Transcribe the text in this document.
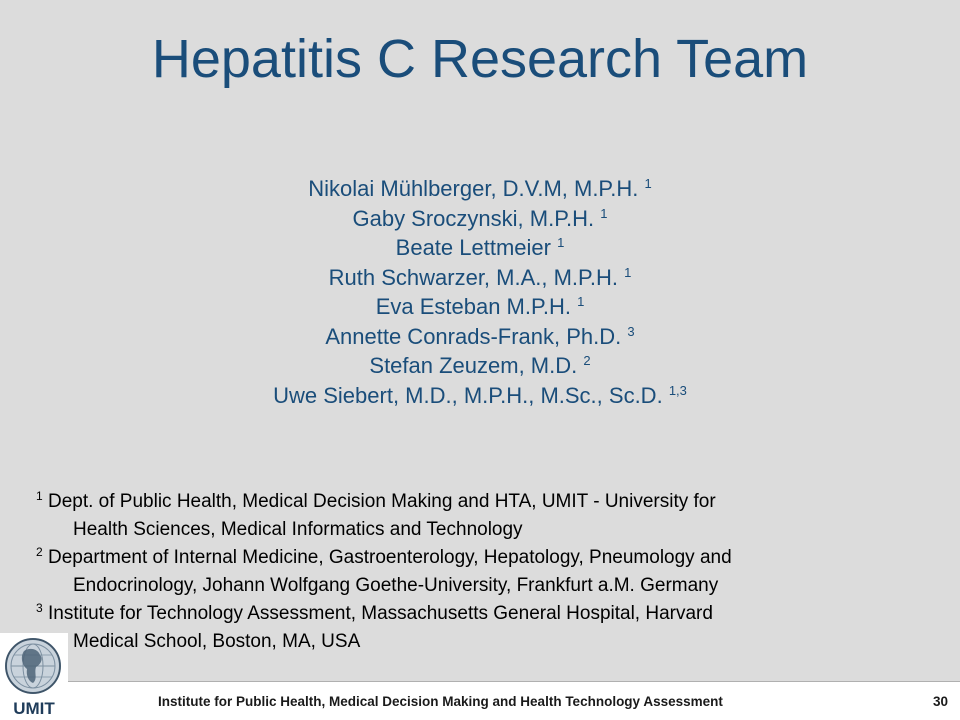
Hepatitis C Research Team
Nikolai Mühlberger, D.V.M, M.P.H. $^1$
Gaby Sroczynski, M.P.H. $^1$
Beate Lettmeier $^1$
Ruth Schwarzer, M.A., M.P.H. $^1$
Eva Esteban M.P.H. $^1$
Annette Conrads-Frank, Ph.D. $^3$
Stefan Zeuzem, M.D. $^2$
Uwe Siebert, M.D., M.P.H., M.Sc., Sc.D. $^{1,3}$
$^1$ Dept. of Public Health, Medical Decision Making and HTA, UMIT - University for
Health Sciences, Medical Informatics and Technology
$^2$ Department of Internal Medicine, Gastroenterology, Hepatology, Pneumology and
Endocrinology, Johann Wolfgang Goethe-University, Frankfurt a.M. Germany
$^3$ Institute for Technology Assessment, Massachusetts General Hospital, Harvard
Medical School, Boston, MA, USA
UMIT	Institute for Public Health, Medical Decision Making and Health Technology Assessment	30
